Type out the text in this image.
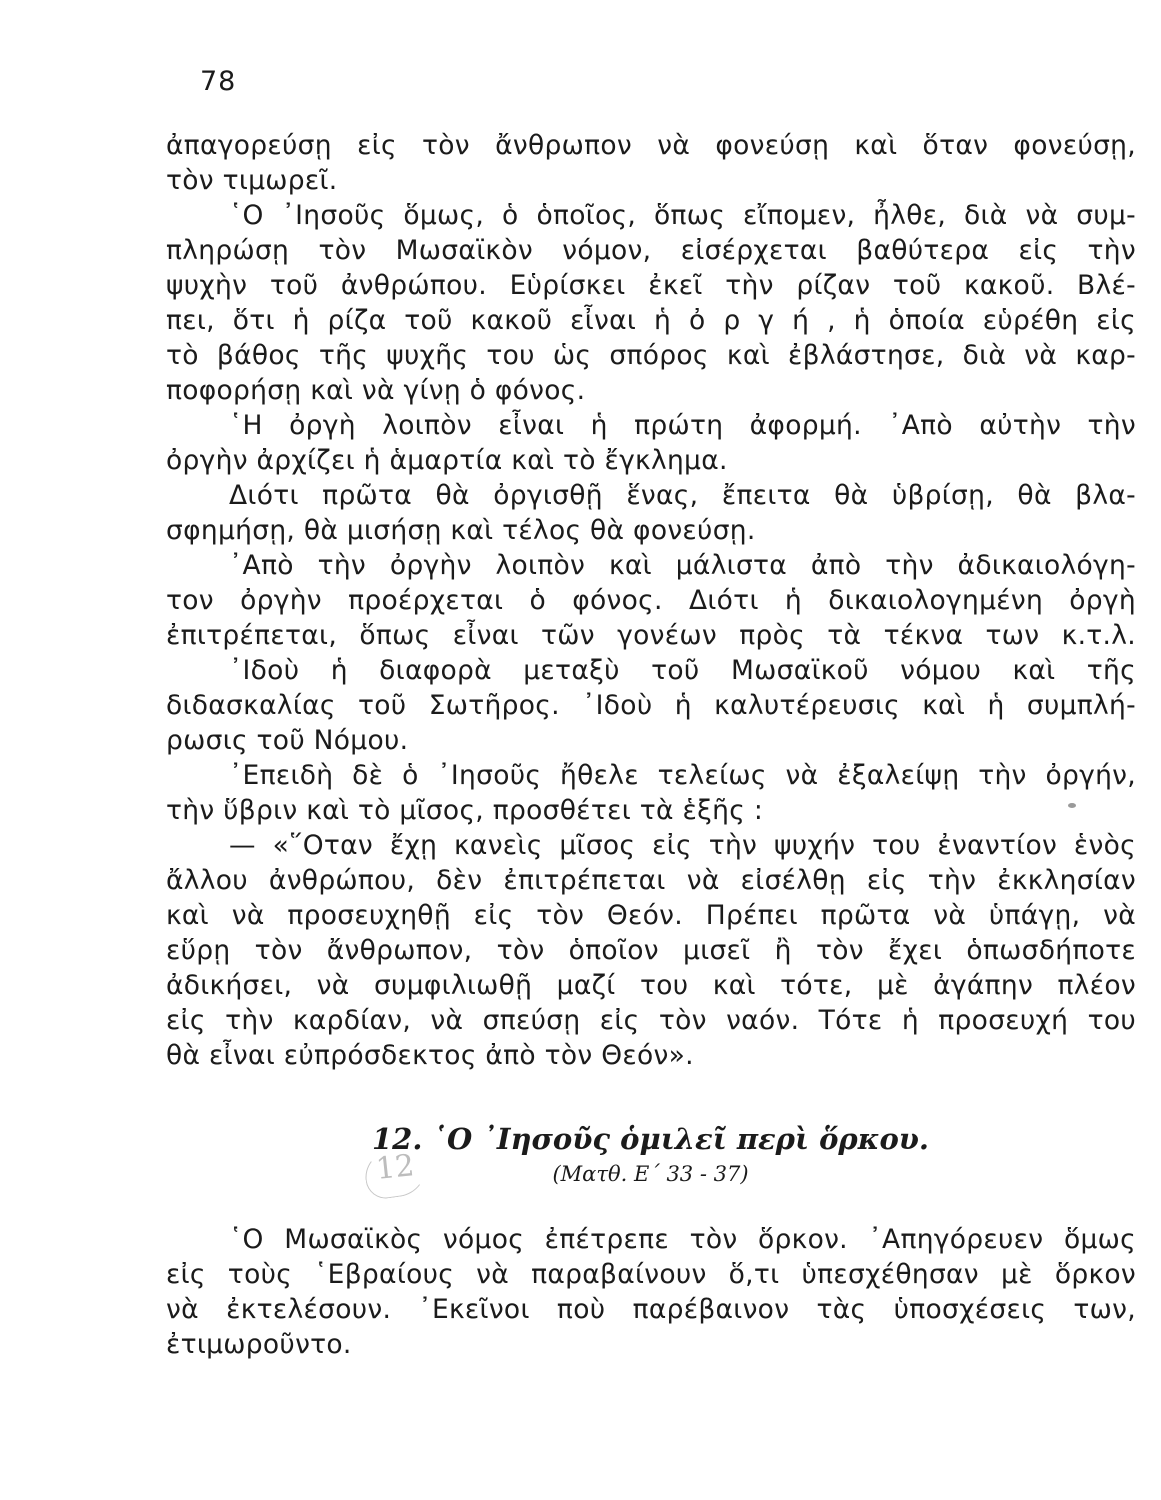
78
ἀπαγορεύσῃ εἰς τὸν ἄνθρωπον νὰ φονεύσῃ καὶ ὅταν φονεύσῃ,
τὸν τιμωρεῖ.
῾Ο ᾿Ιησοῦς ὅμως, ὁ ὁποῖος, ὅπως εἴπομεν, ἦλθε, διὰ νὰ συμ-
πληρώσῃ τὸν Μωσαϊκὸν νόμον, εἰσέρχεται βαθύτερα εἰς τὴν
ψυχὴν τοῦ ἀνθρώπου. Εὑρίσκει ἐκεῖ τὴν ρίζαν τοῦ κακοῦ. Βλέ-
πει, ὅτι ἡ ρίζα τοῦ κακοῦ εἶναι ἡ ὀ ρ γ ή , ἡ ὁποία εὑρέθη εἰς
τὸ βάθος τῆς ψυχῆς του ὡς σπόρος καὶ ἐβλάστησε, διὰ νὰ καρ-
ποφορήσῃ καὶ νὰ γίνῃ ὁ φόνος.
῾Η ὀργὴ λοιπὸν εἶναι ἡ πρώτη ἀφορμή. ᾿Απὸ αὐτὴν τὴν
ὀργὴν ἀρχίζει ἡ ἁμαρτία καὶ τὸ ἔγκλημα.
Διότι πρῶτα θὰ ὀργισθῇ ἕνας, ἔπειτα θὰ ὑβρίσῃ, θὰ βλα-
σφημήσῃ, θὰ μισήσῃ καὶ τέλος θὰ φονεύσῃ.
᾿Απὸ τὴν ὀργὴν λοιπὸν καὶ μάλιστα ἀπὸ τὴν ἀδικαιολόγη-
τον ὀργὴν προέρχεται ὁ φόνος. Διότι ἡ δικαιολογημένη ὀργὴ
ἐπιτρέπεται, ὅπως εἶναι τῶν γονέων πρὸς τὰ τέκνα των κ.τ.λ.
᾿Ιδοὺ ἡ διαφορὰ μεταξὺ τοῦ Μωσαϊκοῦ νόμου καὶ τῆς
διδασκαλίας τοῦ Σωτῆρος. ᾿Ιδοὺ ἡ καλυτέρευσις καὶ ἡ συμπλή-
ρωσις τοῦ Νόμου.
᾿Επειδὴ δὲ ὁ ᾿Ιησοῦς ἤθελε τελείως νὰ ἐξαλείψῃ τὴν ὀργήν,
τὴν ὕβριν καὶ τὸ μῖσος, προσθέτει τὰ ἑξῆς :
— «῞Οταν ἔχῃ κανεὶς μῖσος εἰς τὴν ψυχήν του ἐναντίον ἑνὸς
ἄλλου ἀνθρώπου, δὲν ἐπιτρέπεται νὰ εἰσέλθῃ εἰς τὴν ἐκκλησίαν
καὶ νὰ προσευχηθῇ εἰς τὸν Θεόν. Πρέπει πρῶτα νὰ ὑπάγῃ, νὰ
εὕρῃ τὸν ἄνθρωπον, τὸν ὁποῖον μισεῖ ἢ τὸν ἔχει ὁπωσδήποτε
ἀδικήσει, νὰ συμφιλιωθῇ μαζί του καὶ τότε, μὲ ἀγάπην πλέον
εἰς τὴν καρδίαν, νὰ σπεύσῃ εἰς τὸν ναόν. Τότε ἡ προσευχή του
θὰ εἶναι εὐπρόσδεκτος ἀπὸ τὸν Θεόν».
12. ῾Ο ᾿Ιησοῦς ὁμιλεῖ περὶ ὅρκου.
(Ματθ. Ε΄ 33 - 37)
12
῾Ο Μωσαϊκὸς νόμος ἐπέτρεπε τὸν ὅρκον. ᾿Απηγόρευεν ὅμως
εἰς τοὺς ῾Εβραίους νὰ παραβαίνουν ὅ,τι ὑπεσχέθησαν μὲ ὅρκον
νὰ ἐκτελέσουν. ᾿Εκεῖνοι ποὺ παρέβαινον τὰς ὑποσχέσεις των,
ἐτιμωροῦντο.
